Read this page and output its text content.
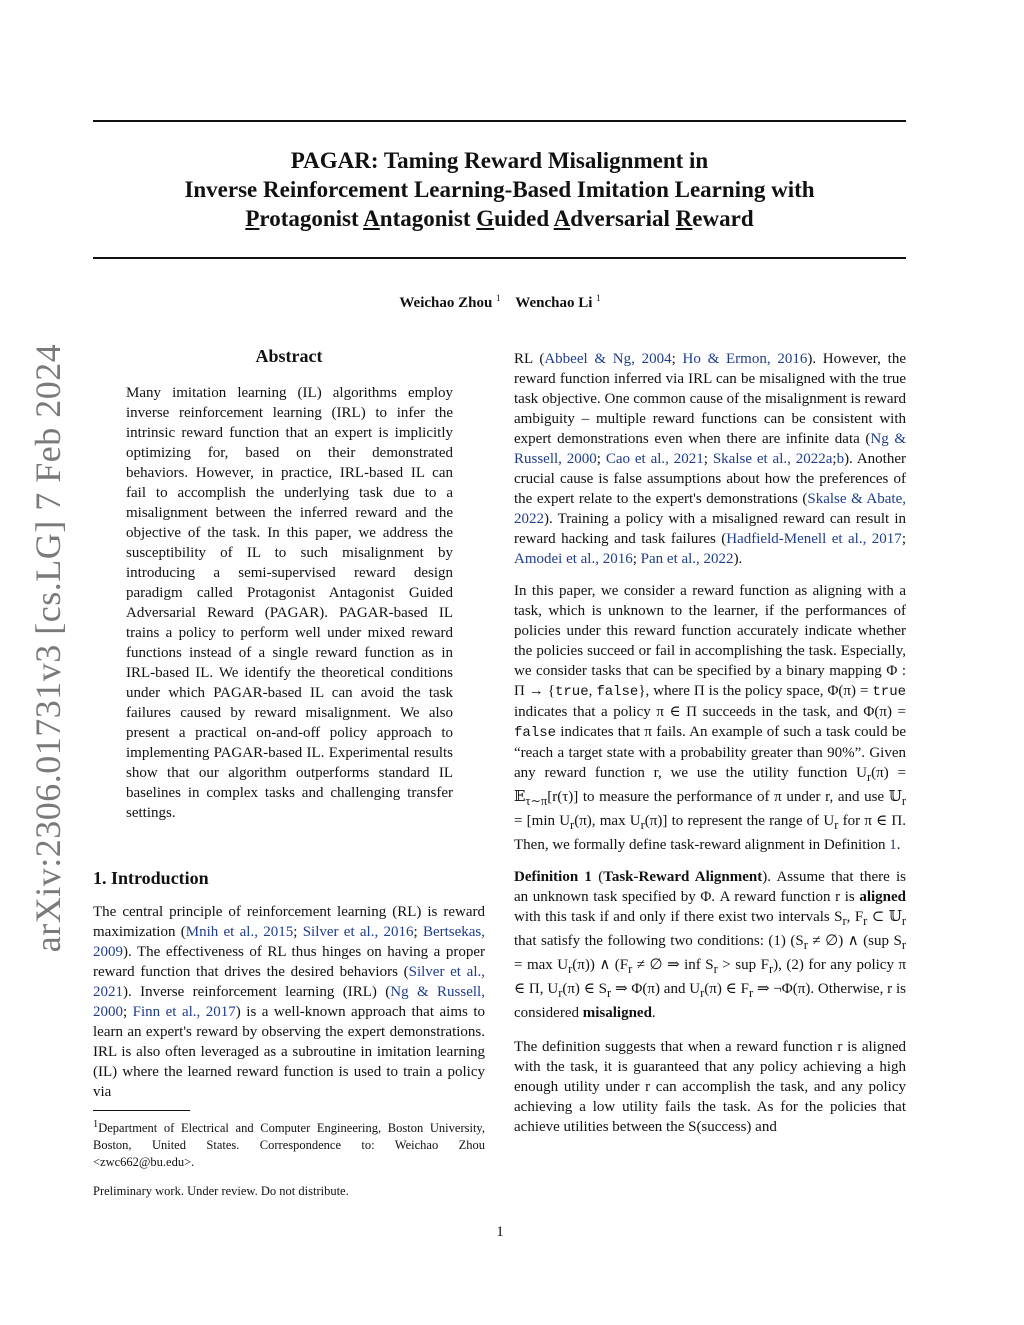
PAGAR: Taming Reward Misalignment in
Inverse Reinforcement Learning-Based Imitation Learning with
Protagonist Antagonist Guided Adversarial Reward
Weichao Zhou $^1$ Wenchao Li $^1$
arXiv:2306.01731v3 [cs.LG] 7 Feb 2024	Abstract

Many imitation learning (IL) algorithms employ inverse reinforcement learning (IRL) to infer the intrinsic reward function that an expert is implicitly optimizing for, based on their demonstrated behaviors. However, in practice, IRL-based IL can fail to accomplish the underlying task due to a misalignment between the inferred reward and the objective of the task. In this paper, we address the susceptibility of IL to such misalignment by introducing a semi-supervised reward design paradigm called Protagonist Antagonist Guided Adversarial Reward (PAGAR). PAGAR-based IL trains a policy to perform well under mixed reward functions instead of a single reward function as in IRL-based IL. We identify the theoretical conditions under which PAGAR-based IL can avoid the task failures caused by reward misalignment. We also present a practical on-and-off policy approach to implementing PAGAR-based IL. Experimental results show that our algorithm outperforms standard IL baselines in complex tasks and challenging transfer settings.

1. Introduction

The central principle of reinforcement learning (RL) is reward maximization (Mnih et al., 2015; Silver et al., 2016; Bertsekas, 2009). The effectiveness of RL thus hinges on having a proper reward function that drives the desired behaviors (Silver et al., 2021). Inverse reinforcement learning (IRL) (Ng & Russell, 2000; Finn et al., 2017) is a well-known approach that aims to learn an expert's reward by observing the expert demonstrations. IRL is also often leveraged as a subroutine in imitation learning (IL) where the learned reward function is used to train a policy via

$^1$Department of Electrical and Computer Engineering, Boston University, Boston, United States. Correspondence to: Weichao Zhou <zwc662@bu.edu>.
Preliminary work. Under review. Do not distribute.

RL (Abbeel & Ng, 2004; Ho & Ermon, 2016). However, the reward function inferred via IRL can be misaligned with the true task objective. One common cause of the misalignment is reward ambiguity – multiple reward functions can be consistent with expert demonstrations even when there are infinite data (Ng & Russell, 2000; Cao et al., 2021; Skalse et al., 2022a;b). Another crucial cause is false assumptions about how the preferences of the expert relate to the expert's demonstrations (Skalse & Abate, 2022). Training a policy with a misaligned reward can result in reward hacking and task failures (Hadfield-Menell et al., 2017; Amodei et al., 2016; Pan et al., 2022).

In this paper, we consider a reward function as aligning with a task, which is unknown to the learner, if the performances of policies under this reward function accurately indicate whether the policies succeed or fail in accomplishing the task. Especially, we consider tasks that can be specified by a binary mapping Φ : Π → {true, false}, where Π is the policy space, Φ(π) = true indicates that a policy π ∈ Π succeeds in the task, and Φ(π) = false indicates that π fails. An example of such a task could be “reach a target state with a probability greater than 90%”. Given any reward function r, we use the utility function $U_r(\pi)$ = 𝔼$_{\tau\sim\pi}$[r(τ)] to measure the performance of π under r, and use 𝕌$_r$ = [min $U_r(\pi)$, $\max U_r(\pi)$] to represent the range of $U_r$ for π ∈ Π. Then, we formally define task-reward alignment in Definition 1.

Definition 1 (Task-Reward Alignment). Assume that there is an unknown task specified by Φ. A reward function r is aligned with this task if and only if there exist two intervals $S_r$, $F_r$ ⊂ 𝕌$_r$ that satisfy the following two conditions: (1) ($S_r$ ≠ ∅) ∧ (sup $S_r = \max U_r(\pi)$) ∧ ($F_r$ ≠ ∅ ⇒ inf $S_r$ > sup $F_r$), (2) for any policy π ∈ Π, $U_r(\pi)$ ∈ $S_r$ ⇒ Φ(π) and $U_r(\pi)$ ∈ $F_r$ ⇒ ¬Φ(π). Otherwise, r is considered misaligned.

The definition suggests that when a reward function r is aligned with the task, it is guaranteed that any policy achieving a high enough utility under r can accomplish the task, and any policy achieving a low utility fails the task. As for the policies that achieve utilities between the S(success) and

1
